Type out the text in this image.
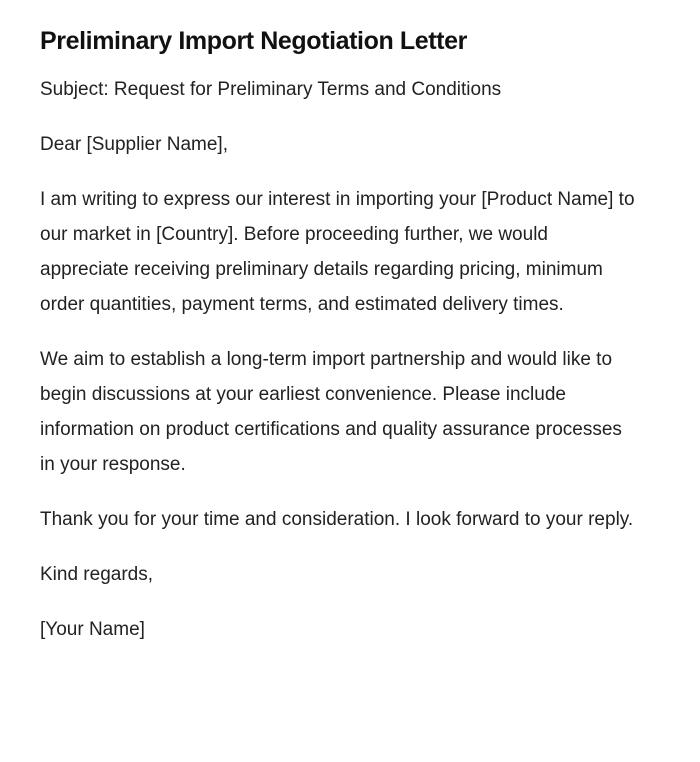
Preliminary Import Negotiation Letter

Subject: Request for Preliminary Terms and Conditions

Dear [Supplier Name],

I am writing to express our interest in importing your [Product Name] to our market in [Country]. Before proceeding further, we would appreciate receiving preliminary details regarding pricing, minimum order quantities, payment terms, and estimated delivery times.

We aim to establish a long-term import partnership and would like to begin discussions at your earliest convenience. Please include information on product certifications and quality assurance processes in your response.

Thank you for your time and consideration. I look forward to your reply.

Kind regards,

[Your Name]
